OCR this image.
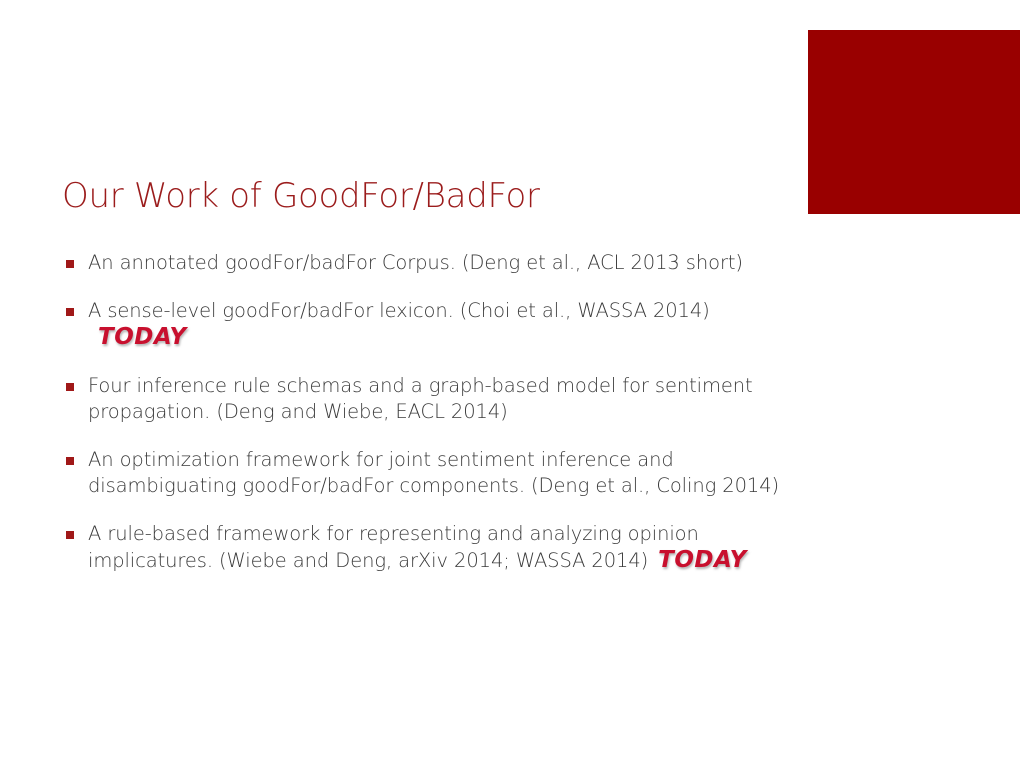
Our Work of GoodFor/BadFor
An annotated goodFor/badFor Corpus. (Deng et al., ACL 2013 short)
A sense-level goodFor/badFor lexicon. (Choi et al., WASSA 2014)TODAY
Four inference rule schemas and a graph-based model for sentiment propagation. (Deng and Wiebe, EACL 2014)
An optimization framework for joint sentiment inference and disambiguating goodFor/badFor components. (Deng et al., Coling 2014)
A rule-based framework for representing and analyzing opinion implicatures. (Wiebe and Deng, arXiv 2014; WASSA 2014) TODAY
